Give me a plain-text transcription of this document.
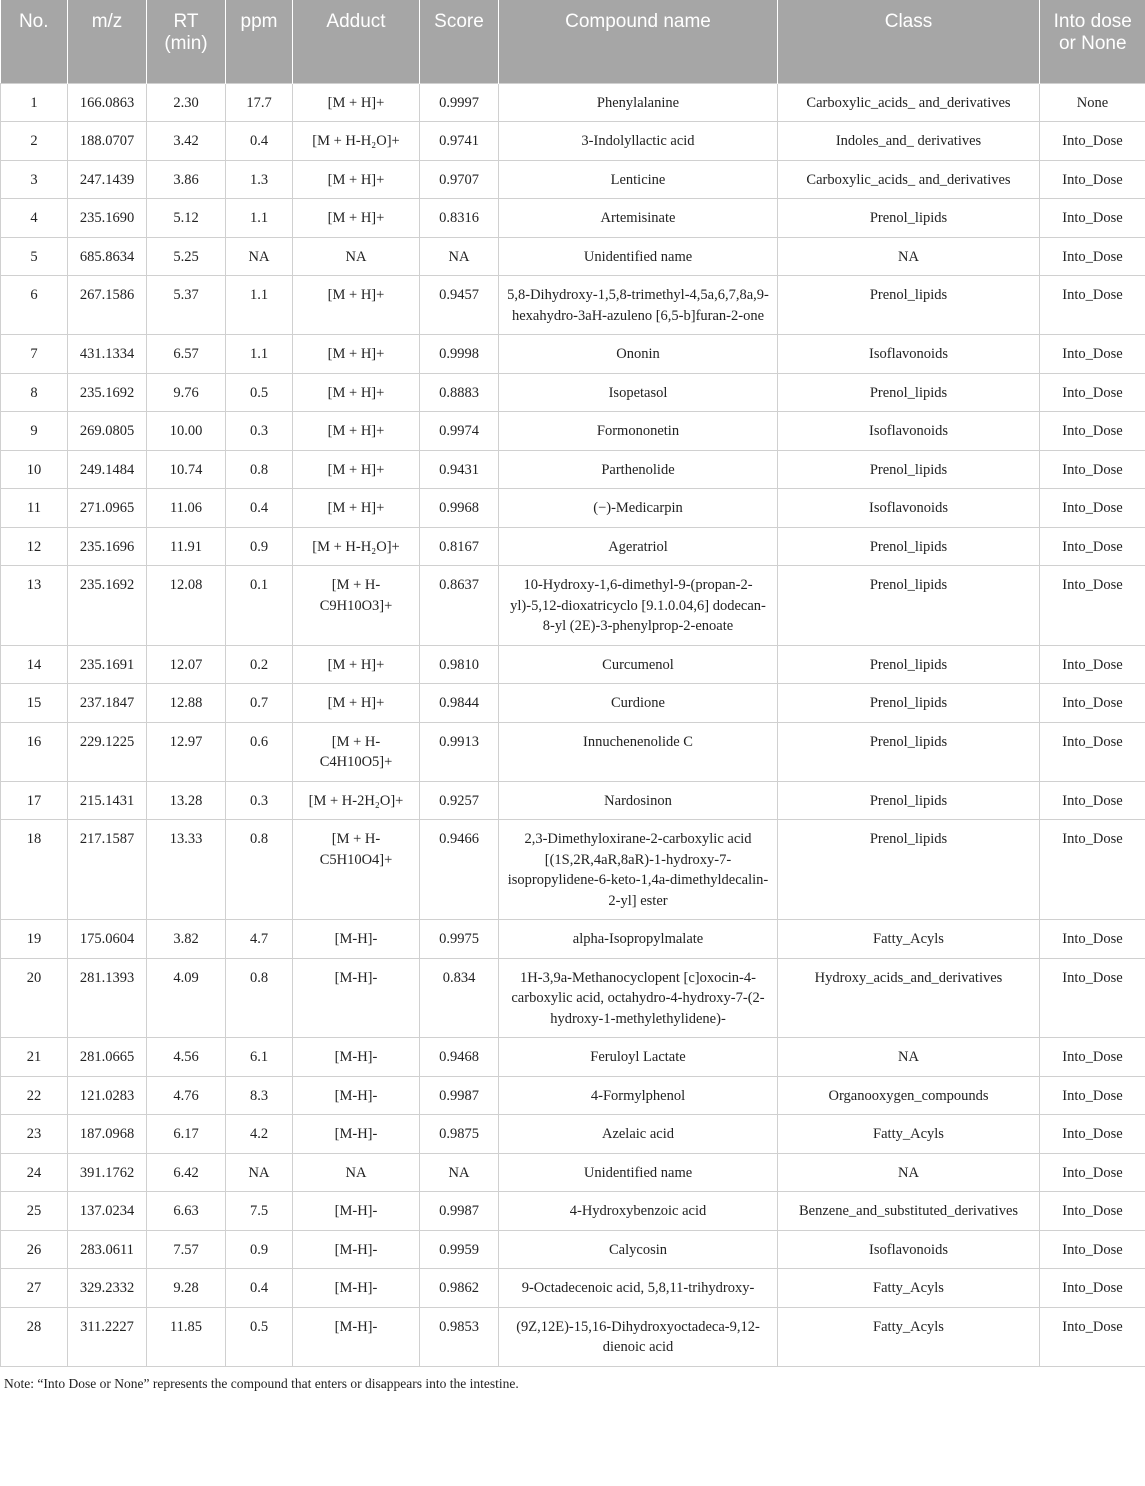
No.	m/z	RT (min)	ppm	Adduct	Score	Compound name	Class	Into dose or None
1	166.0863	2.30	17.7	[M + H]+	0.9997	Phenylalanine	Carboxylic_acids_ and_derivatives	None
2	188.0707	3.42	0.4	[M + H-H₂O]+	0.9741	3-Indolyllactic acid	Indoles_and_ derivatives	Into_Dose
3	247.1439	3.86	1.3	[M + H]+	0.9707	Lenticine	Carboxylic_acids_ and_derivatives	Into_Dose
4	235.1690	5.12	1.1	[M + H]+	0.8316	Artemisinate	Prenol_lipids	Into_Dose
5	685.8634	5.25	NA	NA	NA	Unidentified name	NA	Into_Dose
6	267.1586	5.37	1.1	[M + H]+	0.9457	5,8-Dihydroxy-1,5,8-trimethyl-4,5a,6,7,8a,9-hexahydro-3aH-azuleno [6,5-b]furan-2-one	Prenol_lipids	Into_Dose
7	431.1334	6.57	1.1	[M + H]+	0.9998	Ononin	Isoflavonoids	Into_Dose
8	235.1692	9.76	0.5	[M + H]+	0.8883	Isopetasol	Prenol_lipids	Into_Dose
9	269.0805	10.00	0.3	[M + H]+	0.9974	Formononetin	Isoflavonoids	Into_Dose
10	249.1484	10.74	0.8	[M + H]+	0.9431	Parthenolide	Prenol_lipids	Into_Dose
11	271.0965	11.06	0.4	[M + H]+	0.9968	(−)-Medicarpin	Isoflavonoids	Into_Dose
12	235.1696	11.91	0.9	[M + H-H₂O]+	0.8167	Ageratriol	Prenol_lipids	Into_Dose
13	235.1692	12.08	0.1	[M + H-C9H10O3]+	0.8637	10-Hydroxy-1,6-dimethyl-9-(propan-2-yl)-5,12-dioxatricyclo [9.1.0.04,6] dodecan-8-yl (2E)-3-phenylprop-2-enoate	Prenol_lipids	Into_Dose
14	235.1691	12.07	0.2	[M + H]+	0.9810	Curcumenol	Prenol_lipids	Into_Dose
15	237.1847	12.88	0.7	[M + H]+	0.9844	Curdione	Prenol_lipids	Into_Dose
16	229.1225	12.97	0.6	[M + H-C4H10O5]+	0.9913	Innuchenenolide C	Prenol_lipids	Into_Dose
17	215.1431	13.28	0.3	[M + H-2H₂O]+	0.9257	Nardosinon	Prenol_lipids	Into_Dose
18	217.1587	13.33	0.8	[M + H-C5H10O4]+	0.9466	2,3-Dimethyloxirane-2-carboxylic acid [(1S,2R,4aR,8aR)-1-hydroxy-7-isopropylidene-6-keto-1,4a-dimethyldecalin-2-yl] ester	Prenol_lipids	Into_Dose
19	175.0604	3.82	4.7	[M-H]-	0.9975	alpha-Isopropylmalate	Fatty_Acyls	Into_Dose
20	281.1393	4.09	0.8	[M-H]-	0.834	1H-3,9a-Methanocyclopent [c]oxocin-4-carboxylic acid, octahydro-4-hydroxy-7-(2-hydroxy-1-methylethylidene)-	Hydroxy_acids_and_derivatives	Into_Dose
21	281.0665	4.56	6.1	[M-H]-	0.9468	Feruloyl Lactate	NA	Into_Dose
22	121.0283	4.76	8.3	[M-H]-	0.9987	4-Formylphenol	Organooxygen_compounds	Into_Dose
23	187.0968	6.17	4.2	[M-H]-	0.9875	Azelaic acid	Fatty_Acyls	Into_Dose
24	391.1762	6.42	NA	NA	NA	Unidentified name	NA	Into_Dose
25	137.0234	6.63	7.5	[M-H]-	0.9987	4-Hydroxybenzoic acid	Benzene_and_substituted_derivatives	Into_Dose
26	283.0611	7.57	0.9	[M-H]-	0.9959	Calycosin	Isoflavonoids	Into_Dose
27	329.2332	9.28	0.4	[M-H]-	0.9862	9-Octadecenoic acid, 5,8,11-trihydroxy-	Fatty_Acyls	Into_Dose
28	311.2227	11.85	0.5	[M-H]-	0.9853	(9Z,12E)-15,16-Dihydroxyoctadeca-9,12-dienoic acid	Fatty_Acyls	Into_Dose
Note: “Into Dose or None” represents the compound that enters or disappears into the intestine.
